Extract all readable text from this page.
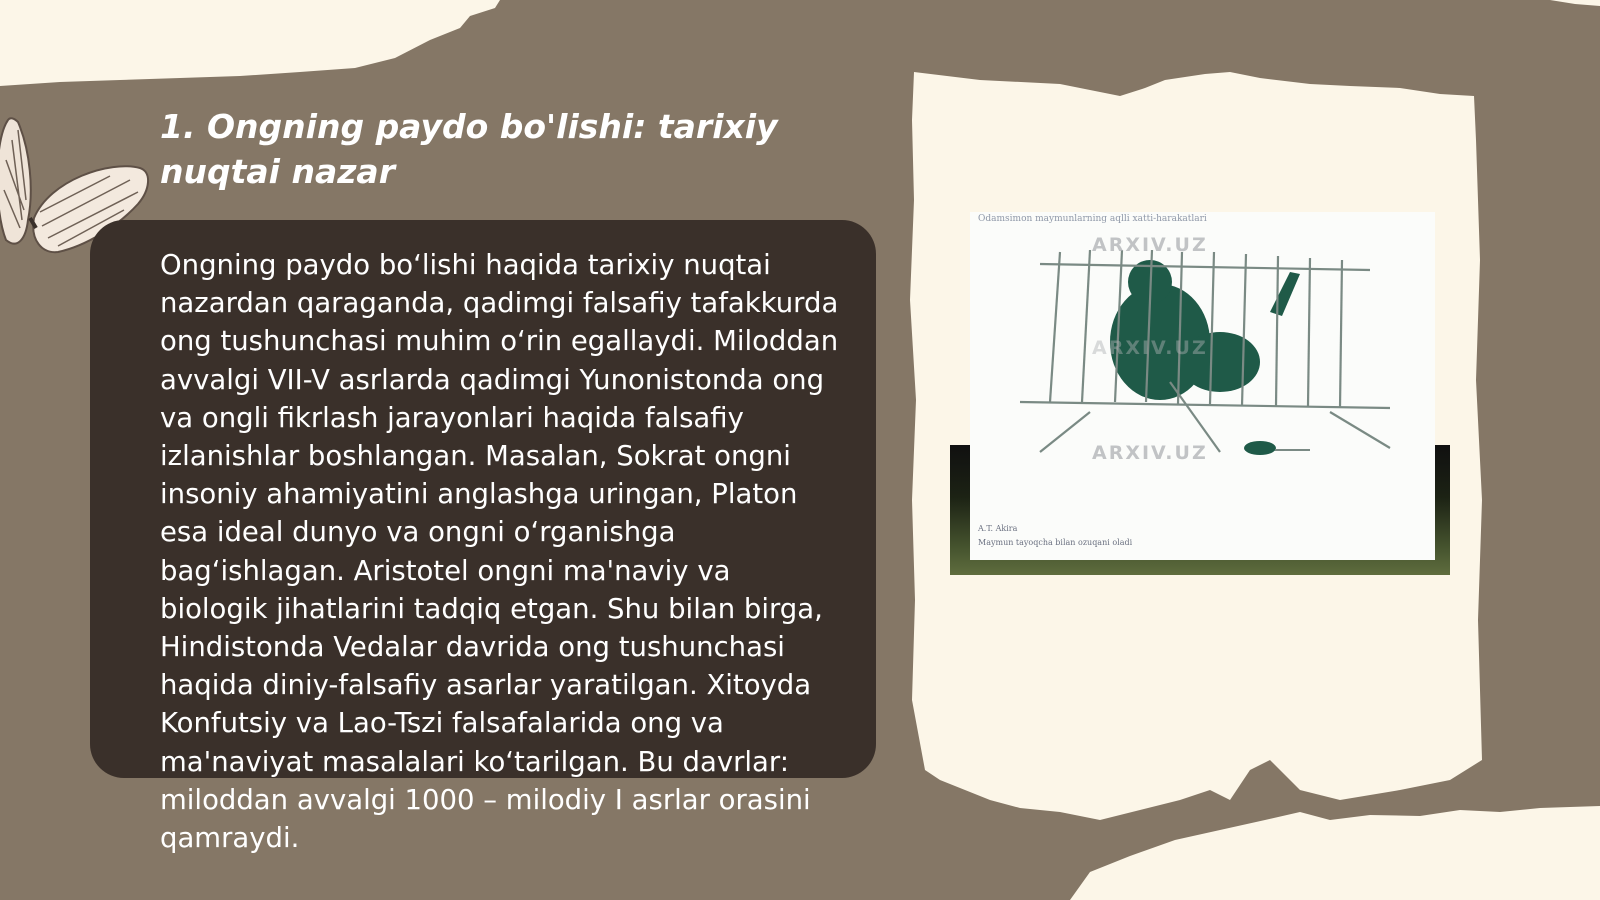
1. Ongning paydo bo'lishi: tarixiy nuqtai nazar

Ongning paydo bo‘lishi haqida tarixiy nuqtai nazardan qaraganda, qadimgi falsafiy tafakkurda ong tushunchasi muhim o‘rin egallaydi. Miloddan avvalgi VII-V asrlarda qadimgi Yunonistonda ong va ongli fikrlash jarayonlari haqida falsafiy izlanishlar boshlangan. Masalan, Sokrat ongni insoniy ahamiyatini anglashga uringan, Platon esa ideal dunyo va ongni o‘rganishga bag‘ishlagan. Aristotel ongni ma'naviy va biologik jihatlarini tadqiq etgan. Shu bilan birga, Hindistonda Vedalar davrida ong tushunchasi haqida diniy-falsafiy asarlar yaratilgan. Xitoyda Konfutsiy va Lao-Tszi falsafalarida ong va ma'naviyat masalalari ko‘tarilgan. Bu davrlar: miloddan avvalgi 1000 – milodiy I asrlar orasini qamraydi.

Odamsimon maymunlarning aqlli xatti-harakatlari
ARXIV.UZ
ARXIV.UZ
ARXIV.UZ
A.T. Akira
Maymun tayoqcha bilan ozuqani oladi
